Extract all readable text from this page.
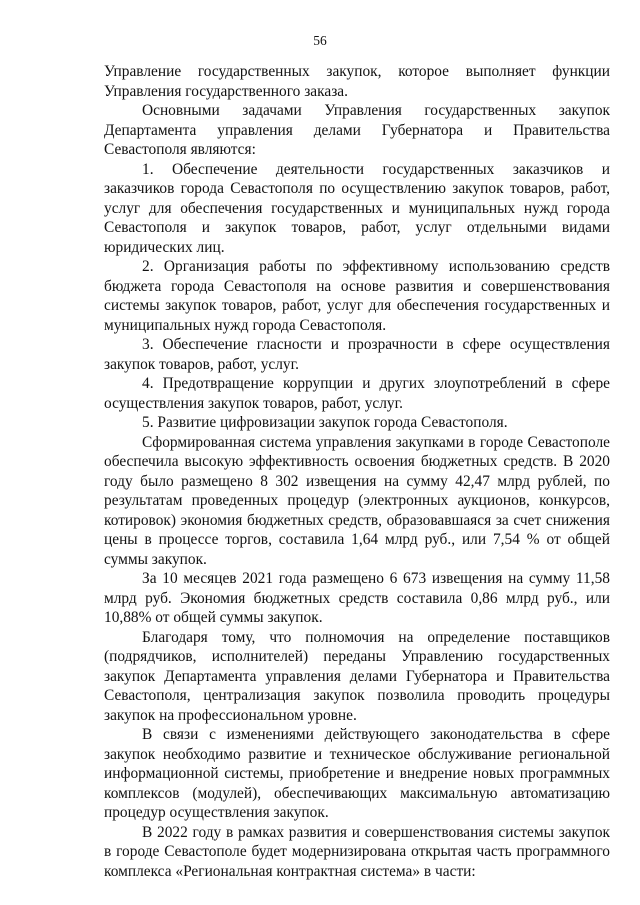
56

Управление государственных закупок, которое выполняет функции Управления государственного заказа.

Основными задачами Управления государственных закупок Департамента управления делами Губернатора и Правительства Севастополя являются:

1. Обеспечение деятельности государственных заказчиков и заказчиков города Севастополя по осуществлению закупок товаров, работ, услуг для обеспечения государственных и муниципальных нужд города Севастополя и закупок товаров, работ, услуг отдельными видами юридических лиц.

2. Организация работы по эффективному использованию средств бюджета города Севастополя на основе развития и совершенствования системы закупок товаров, работ, услуг для обеспечения государственных и муниципальных нужд города Севастополя.

3. Обеспечение гласности и прозрачности в сфере осуществления закупок товаров, работ, услуг.

4. Предотвращение коррупции и других злоупотреблений в сфере осуществления закупок товаров, работ, услуг.

5. Развитие цифровизации закупок города Севастополя.

Сформированная система управления закупками в городе Севастополе обеспечила высокую эффективность освоения бюджетных средств. В 2020 году было размещено 8 302 извещения на сумму 42,47 млрд рублей, по результатам проведенных процедур (электронных аукционов, конкурсов, котировок) экономия бюджетных средств, образовавшаяся за счет снижения цены в процессе торгов, составила 1,64 млрд руб., или 7,54 % от общей суммы закупок.

За 10 месяцев 2021 года размещено 6 673 извещения на сумму 11,58 млрд руб. Экономия бюджетных средств составила 0,86 млрд руб., или 10,88% от общей суммы закупок.

Благодаря тому, что полномочия на определение поставщиков (подрядчиков, исполнителей) переданы Управлению государственных закупок Департамента управления делами Губернатора и Правительства Севастополя, централизация закупок позволила проводить процедуры закупок на профессиональном уровне.

В связи с изменениями действующего законодательства в сфере закупок необходимо развитие и техническое обслуживание региональной информационной системы, приобретение и внедрение новых программных комплексов (модулей), обеспечивающих максимальную автоматизацию процедур осуществления закупок.

В 2022 году в рамках развития и совершенствования системы закупок в городе Севастополе будет модернизирована открытая часть программного комплекса «Региональная контрактная система» в части:
